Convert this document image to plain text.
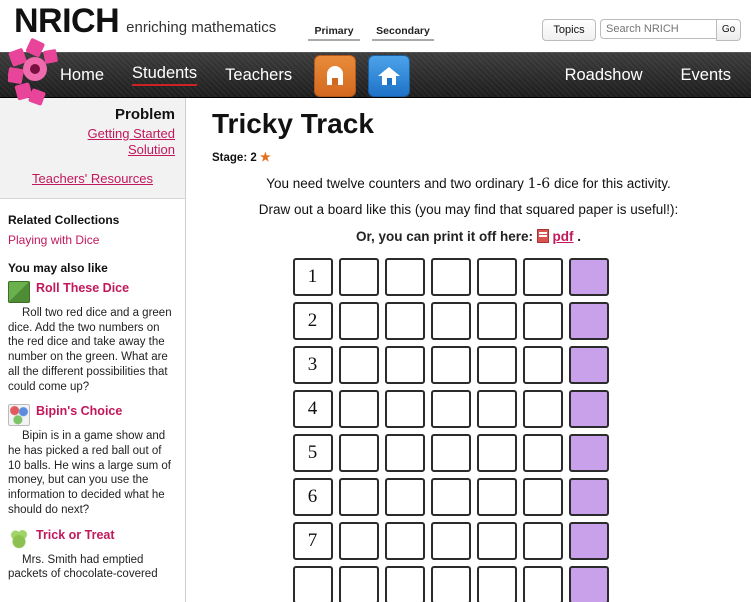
NRICH enriching mathematics	Primary	Secondary	Topics
Search NRICH	Go
Home Students Teachers	Roadshow Events
Problem
Getting Started
Solution
Teachers' Resources
Related Collections
Playing with Dice
You may also like
Roll These Dice
Roll two red dice and a green dice. Add the two numbers on the red dice and take away the number on the green. What are all the different possibilities that could come up?
Bipin's Choice
Bipin is in a game show and he has picked a red ball out of 10 balls. He wins a large sum of money, but can you use the information to decided what he should do next?
Trick or Treat
Mrs. Smith had emptied packets of chocolate-covered
Tricky Track
Stage: 2 ★

You need twelve counters and two ordinary 1-6 dice for this activity.

Draw out a board like this (you may find that squared paper is useful!):

Or, you can print it off here:  pdf .

1
2
3
4
5
6
7
